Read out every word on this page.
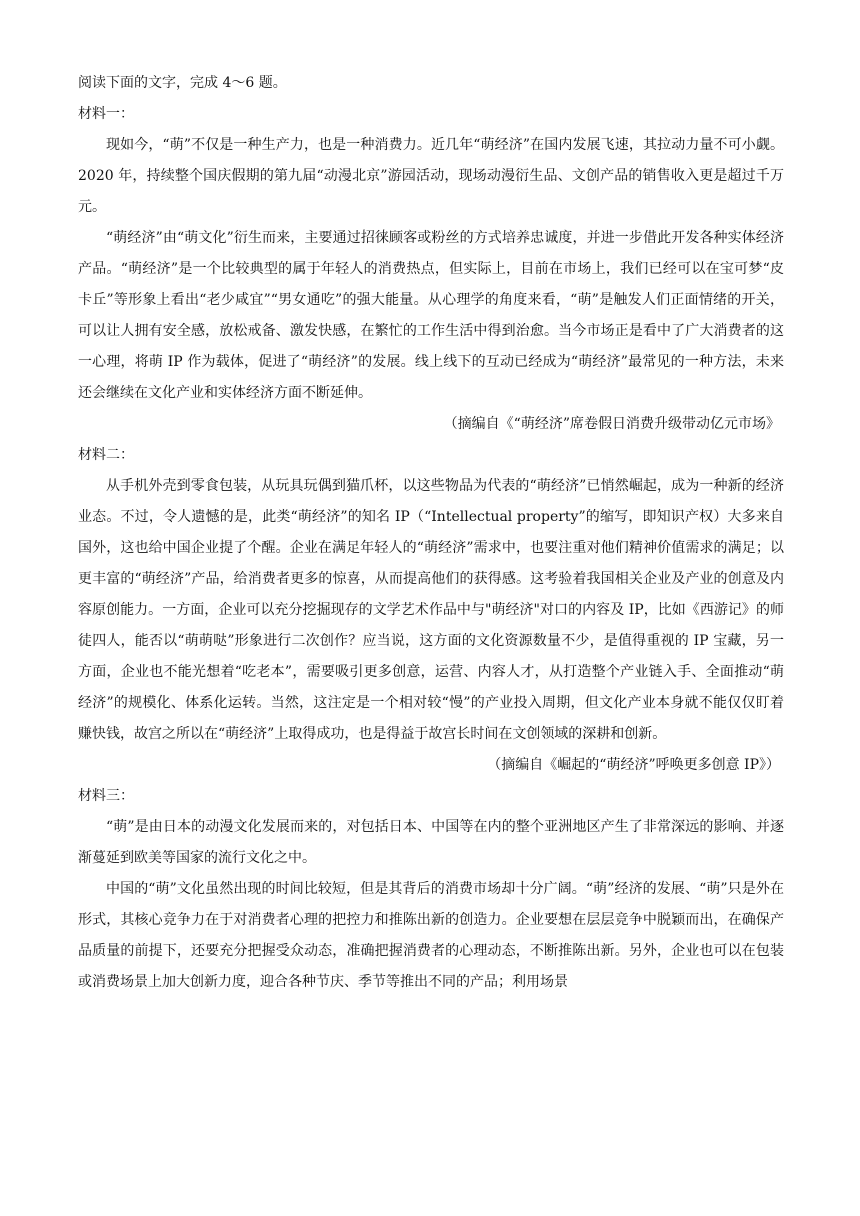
阅读下面的文字，完成 4～6 题。

材料一：

现如今，“萌”不仅是一种生产力，也是一种消费力。近几年“萌经济”在国内发展飞速，其拉动力量不可小觑。2020 年，持续整个国庆假期的第九届“动漫北京”游园活动，现场动漫衍生品、文创产品的销售收入更是超过千万元。

“萌经济”由“萌文化”衍生而来，主要通过招徕顾客或粉丝的方式培养忠诚度，并进一步借此开发各种实体经济产品。“萌经济”是一个比较典型的属于年轻人的消费热点，但实际上，目前在市场上，我们已经可以在宝可梦“皮卡丘”等形象上看出“老少咸宜”“男女通吃”的强大能量。从心理学的角度来看，“萌”是触发人们正面情绪的开关，可以让人拥有安全感，放松戒备、激发快感，在繁忙的工作生活中得到治愈。当今市场正是看中了广大消费者的这一心理，将萌 IP 作为载体，促进了“萌经济”的发展。线上线下的互动已经成为“萌经济”最常见的一种方法，未来还会继续在文化产业和实体经济方面不断延伸。

（摘编自《“萌经济”席卷假日消费升级带动亿元市场》

材料二：

从手机外壳到零食包装，从玩具玩偶到猫爪杯，以这些物品为代表的“萌经济”已悄然崛起，成为一种新的经济业态。不过，令人遗憾的是，此类“萌经济”的知名 IP（“Intellectual property”的缩写，即知识产权）大多来自国外，这也给中国企业提了个醒。企业在满足年轻人的“萌经济”需求中，也要注重对他们精神价值需求的满足；以更丰富的“萌经济”产品，给消费者更多的惊喜，从而提高他们的获得感。这考验着我国相关企业及产业的创意及内容原创能力。一方面，企业可以充分挖掘现存的文学艺术作品中与"萌经济"对口的内容及 IP，比如《西游记》的师徒四人，能否以“萌萌哒”形象进行二次创作？应当说，这方面的文化资源数量不少，是值得重视的 IP 宝藏，另一方面，企业也不能光想着“吃老本”，需要吸引更多创意，运营、内容人才，从打造整个产业链入手、全面推动“萌经济”的规模化、体系化运转。当然，这注定是一个相对较“慢”的产业投入周期，但文化产业本身就不能仅仅盯着赚快钱，故宫之所以在“萌经济”上取得成功，也是得益于故宫长时间在文创领域的深耕和创新。

（摘编自《崛起的“萌经济”呼唤更多创意 IP》）

材料三：

“萌”是由日本的动漫文化发展而来的，对包括日本、中国等在内的整个亚洲地区产生了非常深远的影响、并逐渐蔓延到欧美等国家的流行文化之中。

中国的“萌”文化虽然出现的时间比较短，但是其背后的消费市场却十分广阔。“萌”经济的发展、“萌”只是外在形式，其核心竞争力在于对消费者心理的把控力和推陈出新的创造力。企业要想在层层竞争中脱颖而出，在确保产品质量的前提下，还要充分把握受众动态，准确把握消费者的心理动态，不断推陈出新。另外，企业也可以在包装或消费场景上加大创新力度，迎合各种节庆、季节等推出不同的产品；利用场景
